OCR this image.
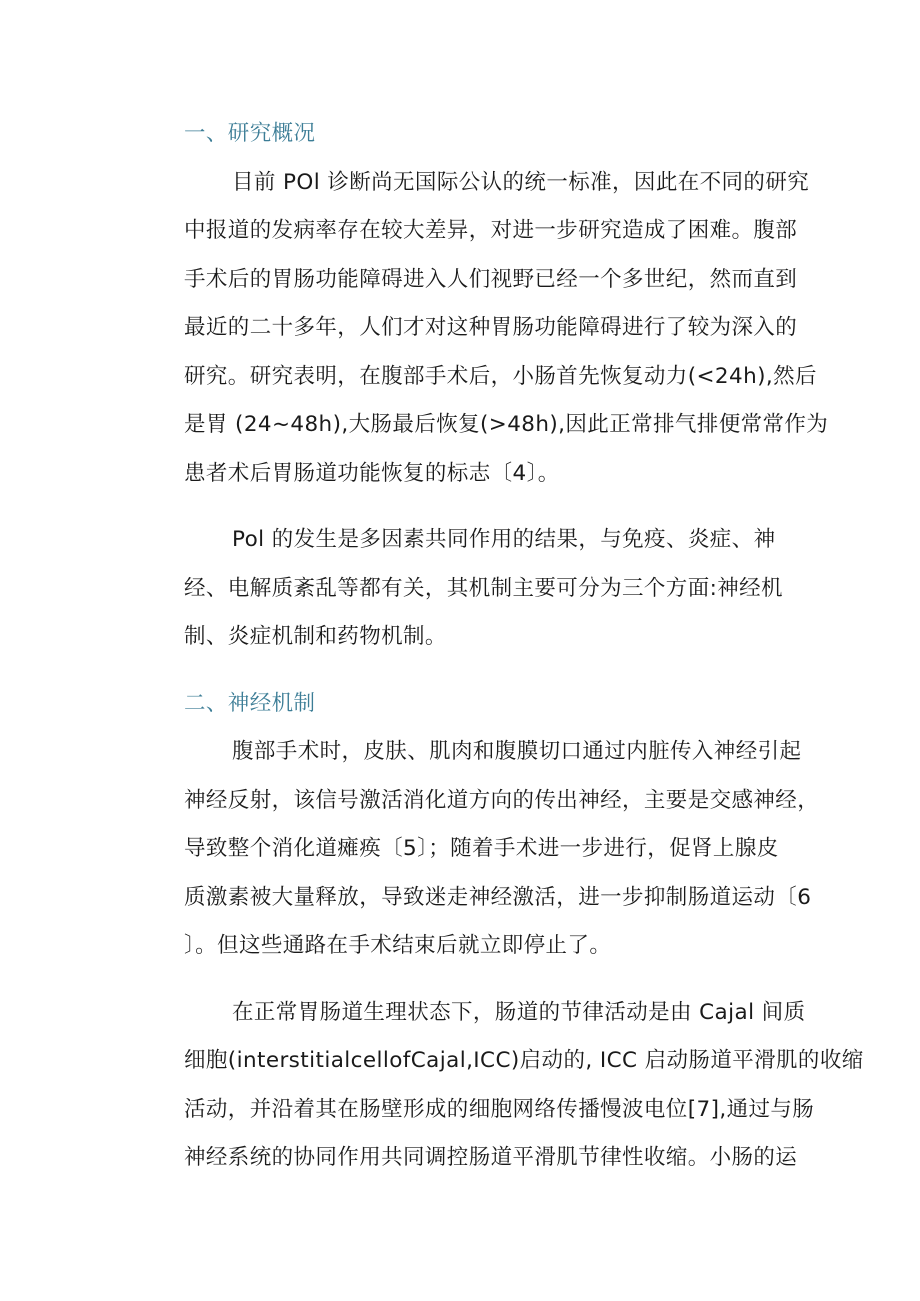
一、研究概况

目前 POl 诊断尚无国际公认的统一标准，因此在不同的研究
中报道的发病率存在较大差异，对进一步研究造成了困难。腹部
手术后的胃肠功能障碍进入人们视野已经一个多世纪，然而直到
最近的二十多年，人们才对这种胃肠功能障碍进行了较为深入的
研究。研究表明，在腹部手术后，小肠首先恢复动力(<24h),然后
是胃 (24~48h),大肠最后恢复(>48h),因此正常排气排便常常作为
患者术后胃肠道功能恢复的标志〔4〕。

Pol 的发生是多因素共同作用的结果，与免疫、炎症、神
经、电解质紊乱等都有关，其机制主要可分为三个方面:神经机
制、炎症机制和药物机制。

二、神经机制

腹部手术时，皮肤、肌肉和腹膜切口通过内脏传入神经引起
神经反射，该信号激活消化道方向的传出神经，主要是交感神经，
导致整个消化道瘫痪〔5〕；随着手术进一步进行，促肾上腺皮
质激素被大量释放，导致迷走神经激活，进一步抑制肠道运动〔6
〕。但这些通路在手术结束后就立即停止了。

在正常胃肠道生理状态下，肠道的节律活动是由 Cajal 间质
细胞(interstitialcellofCajal,ICC)启动的, ICC 启动肠道平滑肌的收缩
活动，并沿着其在肠壁形成的细胞网络传播慢波电位[7],通过与肠
神经系统的协同作用共同调控肠道平滑肌节律性收缩。小肠的运
